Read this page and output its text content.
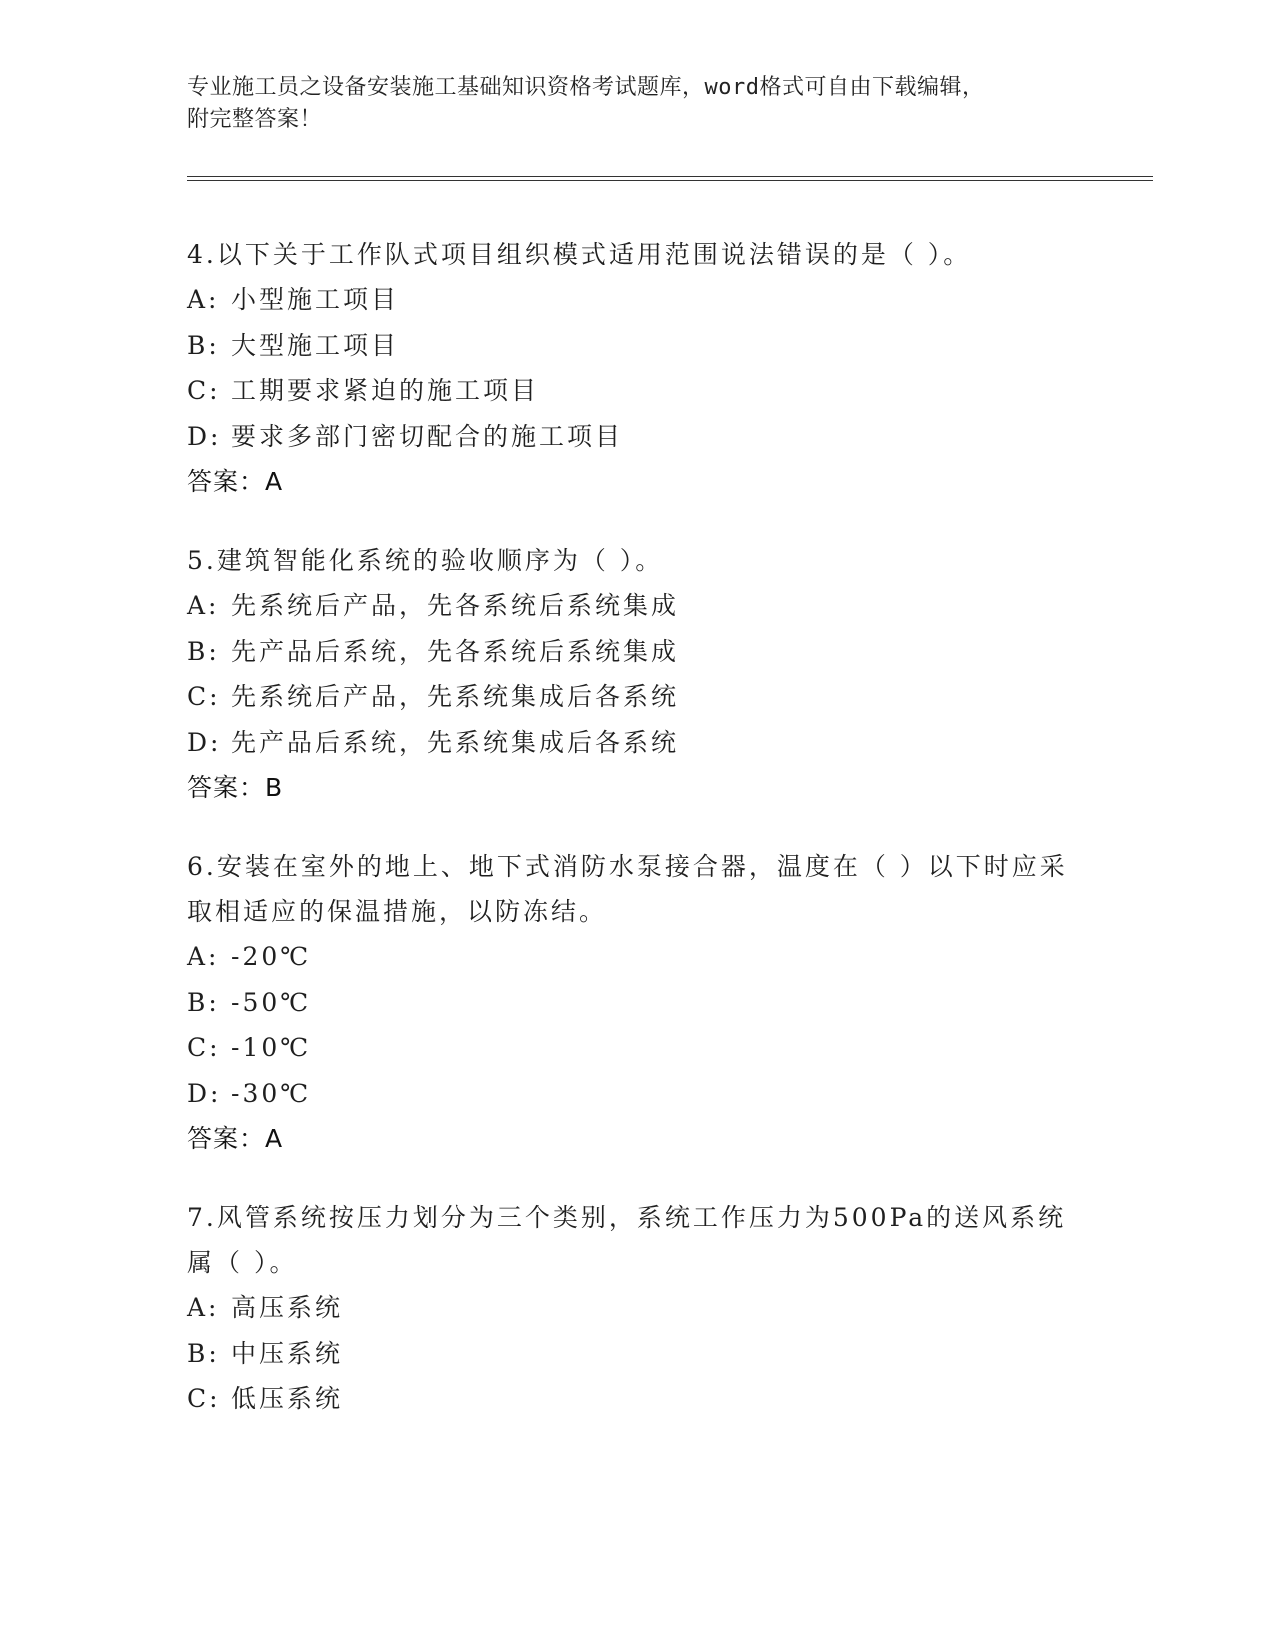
专业施工员之设备安装施工基础知识资格考试题库，word格式可自由下载编辑，
附完整答案！

4.以下关于工作队式项目组织模式适用范围说法错误的是（ ）。

A: 小型施工项目

B: 大型施工项目

C: 工期要求紧迫的施工项目

D: 要求多部门密切配合的施工项目

答案：A

5.建筑智能化系统的验收顺序为（ ）。

A: 先系统后产品，先各系统后系统集成

B: 先产品后系统，先各系统后系统集成

C: 先系统后产品，先系统集成后各系统

D: 先产品后系统，先系统集成后各系统

答案：B

6.安装在室外的地上、地下式消防水泵接合器，温度在（ ）以下时应采取相适应的保温措施，以防冻结。

A: -20℃

B: -50℃

C: -10℃

D: -30℃

答案：A

7.风管系统按压力划分为三个类别，系统工作压力为500Pa的送风系统属（ ）。

A: 高压系统

B: 中压系统

C: 低压系统
